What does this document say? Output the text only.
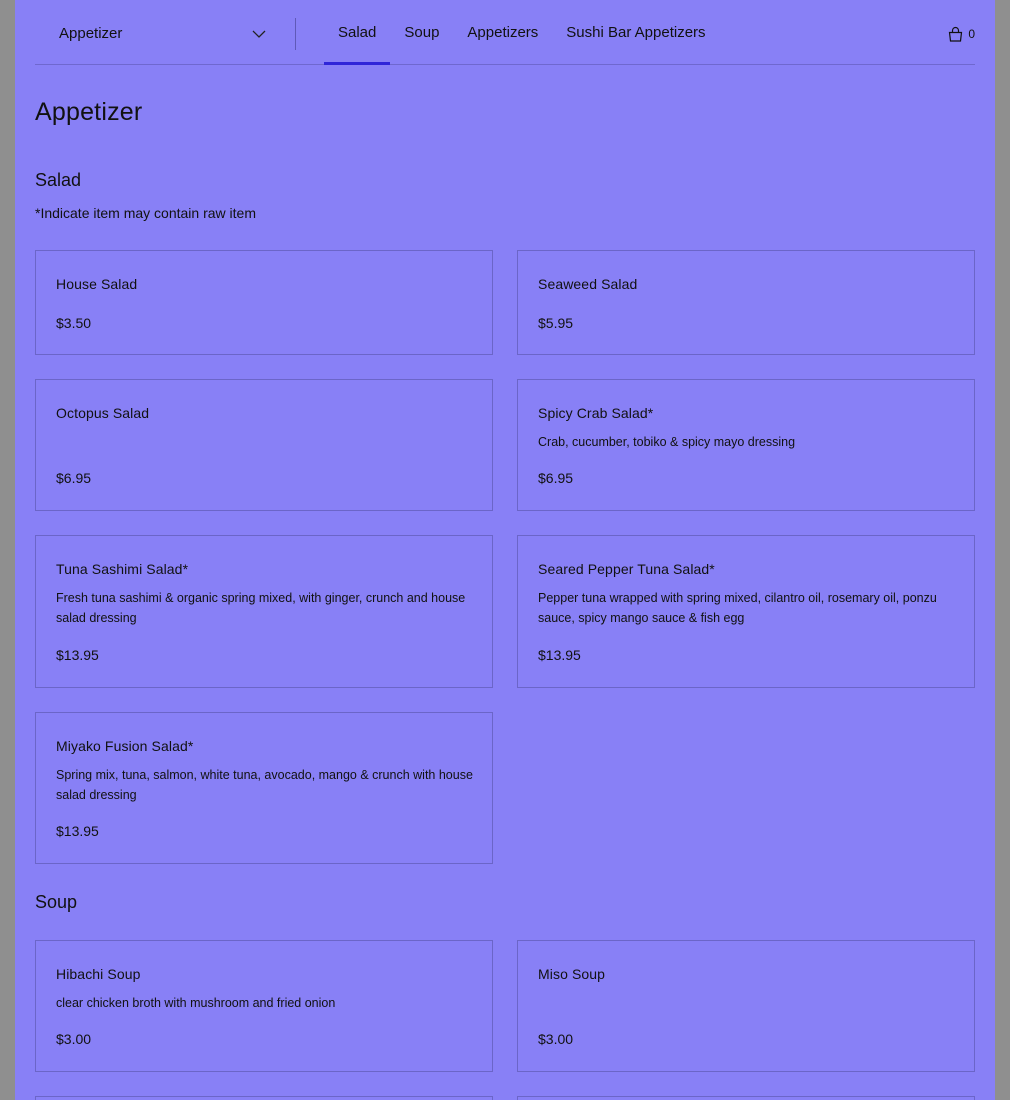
Appetizer	Salad	Soup	Appetizers	Sushi Bar Appetizers	0
Appetizer
Salad
*Indicate item may contain raw item
House Salad
$3.50
Seaweed Salad
$5.95
Octopus Salad
$6.95
Spicy Crab Salad*
Crab, cucumber, tobiko & spicy mayo dressing
$6.95
Tuna Sashimi Salad*
Fresh tuna sashimi & organic spring mixed, with ginger, crunch and house salad dressing
$13.95
Seared Pepper Tuna Salad*
Pepper tuna wrapped with spring mixed, cilantro oil, rosemary oil, ponzu sauce, spicy mango sauce & fish egg
$13.95
Miyako Fusion Salad*
Spring mix, tuna, salmon, white tuna, avocado, mango & crunch with house salad dressing
$13.95
Soup
Hibachi Soup
clear chicken broth with mushroom and fried onion
$3.00
Miso Soup
$3.00
